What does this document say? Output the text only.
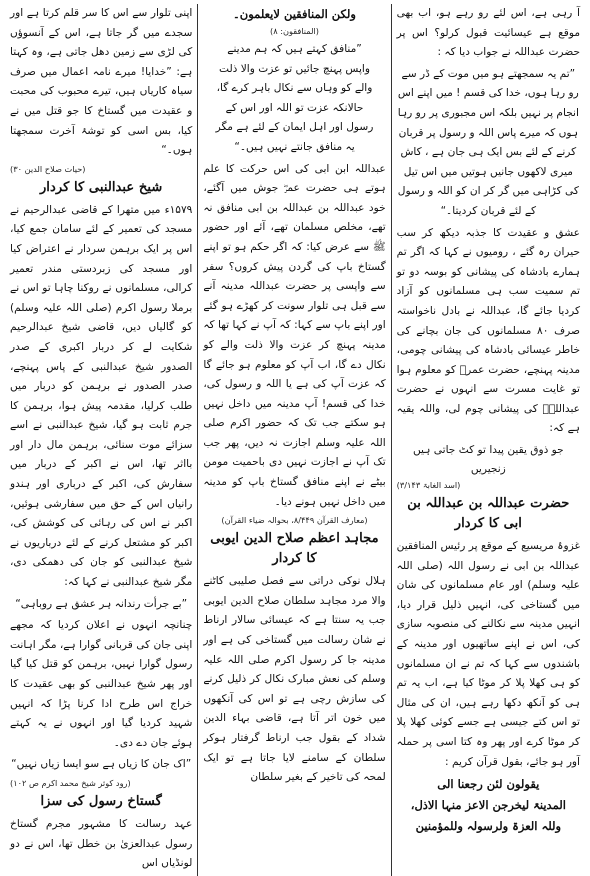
آ رہی ہے، اس لئے رو رہے ہو، اب بھی موقع ہے عیسائیت قبول کرلو؟ اس پر حضرت عبداللہ نے جواب دیا کہ :

”تم یہ سمجھتے ہو میں موت کے ڈر سے رو رہا ہوں، خدا کی قسم ! میں اپنے اس انجام پر نہیں بلکہ اس مجبوری پر رو رہا ہوں کہ میرے پاس اللہ و رسول پر قربان کرنے کے لئے بس ایک ہی جان ہے ، کاش میری لاکھوں جانیں ہوتیں میں اس تیل کی کڑاہی میں گر کر ان کو اللہ و رسول کے لئے قربان کردیتا۔“

عشق و عقیدت کا جذبہ دیکھ کر سب حیران رہ گئے ، رومیوں نے کہا کہ اگر تم ہمارے بادشاہ کی پیشانی کو بوسہ دو تو تم سمیت سب ہی مسلمانوں کو آزاد کردیا جائے گا، عبداللہ نے بادل ناخواستہ صرف ۸۰ مسلمانوں کی جان بچانے کی خاطر عیسائی بادشاہ کی پیشانی چومی، مدینہ پہنچے، حضرت عمرؓ کو معلوم ہوا تو غایت مسرت سے انہوں نے حضرت عبداللہؓ کی پیشانی چوم لی، واللہ یقیہ ہے کہ:

جو ذوق یقین پیدا تو کٹ جاتی ہیں زنجیریں

(اسد الغابۃ ۳/۱۴۳)
حضرت عبداللہ بن عبداللہ بن ابی کا کردار

غزوۂ مریسیع کے موقع پر رئیس المنافقین عبداللہ بن ابی نے رسول اللہ (صلی اللہ علیہ وسلم) اور عام مسلمانوں کی شان میں گستاخی کی، انہیں ذلیل قرار دیا، انہیں مدینہ سے نکالنے کی منصوبہ سازی کی، اس نے اپنے ساتھیوں اور مدینہ کے باشندوں سے کہا کہ تم نے ان مسلمانوں کو ہی کھلا پلا کر موٹا کیا ہے، اب یہ تم ہی کو آنکھ دکھا رہے ہیں، ان کی مثال تو اس کتے جیسی ہے جسے کوئی کھلا پلا کر موٹا کرے اور پھر وہ کتا اسی پر حملہ آور ہو جائے، بقول قرآن کریم :

یقولون لئن رجعنا الی
المدینۃ لیخرجن الاعز منہا الاذل،
وللہ العزۃ ولرسولہ وللمؤمنین
ولکن المنافقین لایعلمون۔
(المنافقون: ۸)

”منافق کہتے ہیں کہ ہم مدینے واپس پہنچ جائیں تو عزت والا ذلت والے کو وہاں سے نکال باہر کرے گا، حالانکہ عزت تو اللہ اور اس کے رسول اور اہل ایمان کے لئے ہے مگر یہ منافق جانتے نہیں ہیں۔“

عبداللہ ابن ابی کی اس حرکت کا علم ہوتے ہی حضرت عمرؓ جوش میں آگئے، خود عبداللہ بن عبداللہ بن ابی منافق نہ تھے، مخلص مسلمان تھے، آئے اور حضور ﷺ سے عرض کیا: کہ اگر حکم ہو تو اپنے گستاخ باپ کی گردن پیش کروں؟ سفر سے واپسی پر حضرت عبداللہ مدینہ آنے سے قبل ہی تلوار سونت کر کھڑے ہو گئے اور اپنے باپ سے کہا: کہ آپ نے کہا تھا کہ مدینہ پہنچ کر عزت والا ذلت والے کو نکال دے گا، اب آپ کو معلوم ہو جائے گا کہ عزت آپ کی ہے یا اللہ و رسول کی، خدا کی قسم! آپ مدینہ میں داخل نہیں ہو سکتے جب تک کہ حضور اکرم صلی اللہ علیہ وسلم اجازت نہ دیں، پھر جب تک آپ نے اجازت نہیں دی باحمیت مومن بیٹے نے اپنے منافق گستاخ باپ کو مدینہ میں داخل نہیں ہونے دیا۔

(معارف القرآن ۸/۴۴۹، بحوالہ ضیاء القرآن)
مجاہد اعظم صلاح الدین ایوبی کا کردار

ہلال نوکی دراتی سے فصل صلیبی کاٹنے والا مرد مجاہد سلطان صلاح الدین ایوبی جب یہ سنتا ہے کہ عیسائی سالار ارناط نے شان رسالت میں گستاخی کی ہے اور مدینہ جا کر رسول اکرم صلی اللہ علیہ وسلم کی نعش مبارک نکال کر ذلیل کرنے کی سازش رچی ہے تو اس کی آنکھوں میں خون اتر آتا ہے، قاضی بہاء الدین شداد کے بقول جب ارناط گرفتار ہوکر سلطان کے سامنے لایا جاتا ہے تو ایک لمحہ کی تاخیر کے بغیر سلطان

اپنی تلوار سے اس کا سر قلم کرتا ہے اور سجدے میں گر جاتا ہے، اس کے آنسوؤں کی لڑی سے زمین دھل جاتی ہے، وہ کہتا ہے: ”خدایا! میرے نامہ اعمال میں صرف سیاہ کاریاں ہیں، تیرے محبوب کی محبت و عقیدت میں گستاخ کا جو قتل میں نے کیا، بس اسی کو توشۂ آخرت سمجھتا ہوں۔“

(حیات صلاح الدین ۳۰)
شیخ عبدالنبی کا کردار

۱۵۷۹ء میں متھرا کے قاضی عبدالرحیم نے مسجد کی تعمیر کے لئے سامان جمع کیا، اس پر ایک برہمن سردار نے اعتراض کیا اور مسجد کی زبردستی مندر تعمیر کرالی، مسلمانوں نے روکنا چاہا تو اس نے برملا رسول اکرم (صلی اللہ علیہ وسلم) کو گالیاں دیں، قاضی شیخ عبدالرحیم شکایت لے کر دربار اکبری کے صدر الصدور شیخ عبدالنبی کے پاس پہنچے، صدر الصدور نے برہمن کو دربار میں طلب کرلیا، مقدمہ پیش ہوا، برہمن کا جرم ثابت ہو گیا، شیخ عبدالنبی نے اسے سزائے موت سنائی، برہمن مال دار اور بااثر تھا، اس نے اکبر کے دربار میں سفارش کی، اکبر کے درباری اور ہندو رانیاں اس کے حق میں سفارشی ہوئیں، اکبر نے اس کی رہائی کی کوشش کی، اکبر کو مشتعل کرنے کے لئے درباریوں نے شیخ عبدالنبی کو جان کی دھمکی دی، مگر شیخ عبدالنبی نے کہا کہ:

”بے جرأت رندانہ ہر عشق ہے روباہی“

چنانچہ انہوں نے اعلان کردیا کہ مجھے اپنی جان کی قربانی گوارا ہے، مگر اہانت رسول گوارا نہیں، برہمن کو قتل کیا گیا اور پھر شیخ عبدالنبی کو بھی عقیدت کا خراج اس طرح ادا کرنا پڑا کہ انہیں شہید کردیا گیا اور انہوں نے یہ کہتے ہوئے جان دے دی۔

”اک جان کا زیاں ہے سو ایسا زیاں نہیں“

(رود کوثر شیخ محمد اکرم ص ۱۰۲)
گستاخ رسول کی سزا

عہد رسالت کا مشہور مجرم گستاخ رسول عبدالعزیٰ بن خطل تھا، اس نے دو لونڈیاں اس
